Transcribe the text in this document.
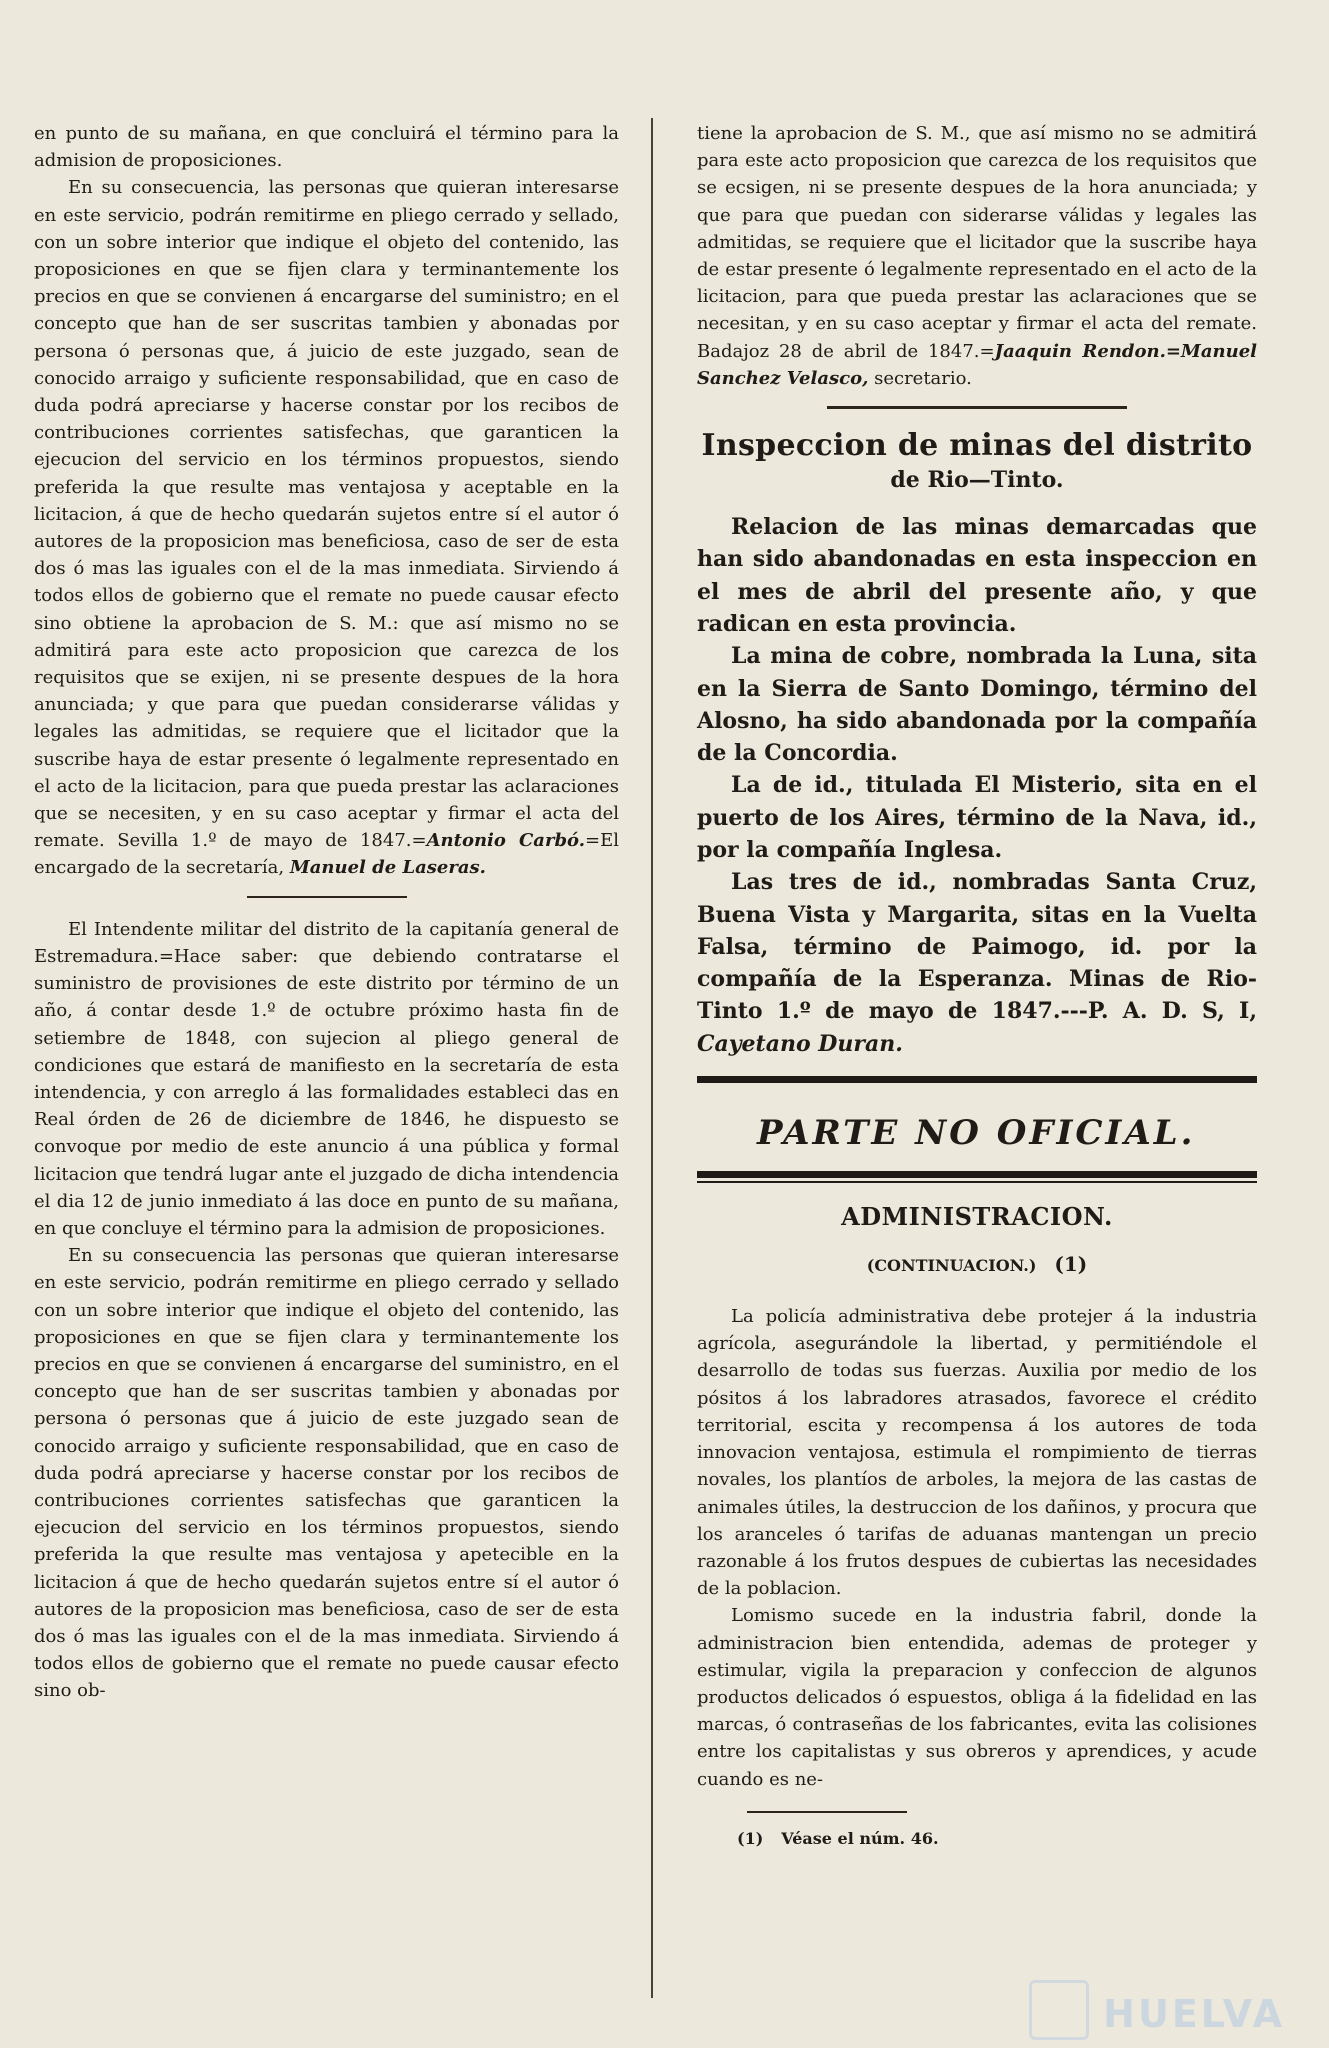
en punto de su mañana, en que concluirá el término para la admision de proposiciones.

En su consecuencia, las personas que quieran interesarse en este servicio, podrán remitirme en pliego cerrado y sellado, con un sobre interior que indique el objeto del contenido, las proposiciones en que se fijen clara y terminantemente los precios en que se convienen á encargarse del suministro; en el concepto que han de ser suscritas tambien y abonadas por persona ó personas que, á juicio de este juzgado, sean de conocido arraigo y suficiente responsabilidad, que en caso de duda podrá apreciarse y hacerse constar por los recibos de contribuciones corrientes satisfechas, que garanticen la ejecucion del servicio en los términos propuestos, siendo preferida la que resulte mas ventajosa y aceptable en la licitacion, á que de hecho quedarán sujetos entre sí el autor ó autores de la proposicion mas beneficiosa, caso de ser de esta dos ó mas las iguales con el de la mas inmediata. Sirviendo á todos ellos de gobierno que el remate no puede causar efecto sino obtiene la aprobacion de S. M.: que así mismo no se admitirá para este acto proposicion que carezca de los requisitos que se exijen, ni se presente despues de la hora anunciada; y que para que puedan considerarse válidas y legales las admitidas, se requiere que el licitador que la suscribe haya de estar presente ó legalmente representado en el acto de la licitacion, para que pueda prestar las aclaraciones que se necesiten, y en su caso aceptar y firmar el acta del remate. Sevilla 1.º de mayo de 1847.=Antonio Carbó.=El encargado de la secretaría, Manuel de Laseras.

El Intendente militar del distrito de la capitanía general de Estremadura.=Hace saber: que debiendo contratarse el suministro de provisiones de este distrito por término de un año, á contar desde 1.º de octubre próximo hasta fin de setiembre de 1848, con sujecion al pliego general de condiciones que estará de manifiesto en la secretaría de esta intendencia, y con arreglo á las formalidades estableci das en Real órden de 26 de diciembre de 1846, he dispuesto se convoque por medio de este anuncio á una pública y formal licitacion que tendrá lugar ante el juzgado de dicha intendencia el dia 12 de junio inmediato á las doce en punto de su mañana, en que concluye el término para la admision de proposiciones.

En su consecuencia las personas que quieran interesarse en este servicio, podrán remitirme en pliego cerrado y sellado con un sobre interior que indique el objeto del contenido, las proposiciones en que se fijen clara y terminantemente los precios en que se convienen á encargarse del suministro, en el concepto que han de ser suscritas tambien y abonadas por persona ó personas que á juicio de este juzgado sean de conocido arraigo y suficiente responsabilidad, que en caso de duda podrá apreciarse y hacerse constar por los recibos de contribuciones corrientes satisfechas que garanticen la ejecucion del servicio en los términos propuestos, siendo preferida la que resulte mas ventajosa y apetecible en la licitacion á que de hecho quedarán sujetos entre sí el autor ó autores de la proposicion mas beneficiosa, caso de ser de esta dos ó mas las iguales con el de la mas inmediata. Sirviendo á todos ellos de gobierno que el remate no puede causar efecto sino ob-

tiene la aprobacion de S. M., que así mismo no se admitirá para este acto proposicion que carezca de los requisitos que se ecsigen, ni se presente despues de la hora anunciada; y que para que puedan con siderarse válidas y legales las admitidas, se requiere que el licitador que la suscribe haya de estar presente ó legalmente representado en el acto de la licitacion, para que pueda prestar las aclaraciones que se necesitan, y en su caso aceptar y firmar el acta del remate. Badajoz 28 de abril de 1847.=Jaaquin Rendon.=Manuel Sanchez Velasco, secretario.

Inspeccion de minas del distrito
de Rio—Tinto.

Relacion de las minas demarcadas que han sido abandonadas en esta inspeccion en el mes de abril del presente año, y que radican en esta provincia.

La mina de cobre, nombrada la Luna, sita en la Sierra de Santo Domingo, término del Alosno, ha sido abandonada por la compañía de la Concordia.

La de id., titulada El Misterio, sita en el puerto de los Aires, término de la Nava, id., por la compañía Inglesa.

Las tres de id., nombradas Santa Cruz, Buena Vista y Margarita, sitas en la Vuelta Falsa, término de Paimogo, id. por la compañía de la Esperanza. Minas de Rio-Tinto 1.º de mayo de 1847.---P. A. D. S, I, Cayetano Duran.

PARTE NO OFICIAL.
ADMINISTRACION.
(CONTINUACION.) (1)

La policía administrativa debe protejer á la industria agrícola, asegurándole la libertad, y permitiéndole el desarrollo de todas sus fuerzas. Auxilia por medio de los pósitos á los labradores atrasados, favorece el crédito territorial, escita y recompensa á los autores de toda innovacion ventajosa, estimula el rompimiento de tierras novales, los plantíos de arboles, la mejora de las castas de animales útiles, la destruccion de los dañinos, y procura que los aranceles ó tarifas de aduanas mantengan un precio razonable á los frutos despues de cubiertas las necesidades de la poblacion.

Lomismo sucede en la industria fabril, donde la administracion bien entendida, ademas de proteger y estimular, vigila la preparacion y confeccion de algunos productos delicados ó espuestos, obliga á la fidelidad en las marcas, ó contraseñas de los fabricantes, evita las colisiones entre los capitalistas y sus obreros y aprendices, y acude cuando es ne-

(1) Véase el núm. 46.
HUELVA
